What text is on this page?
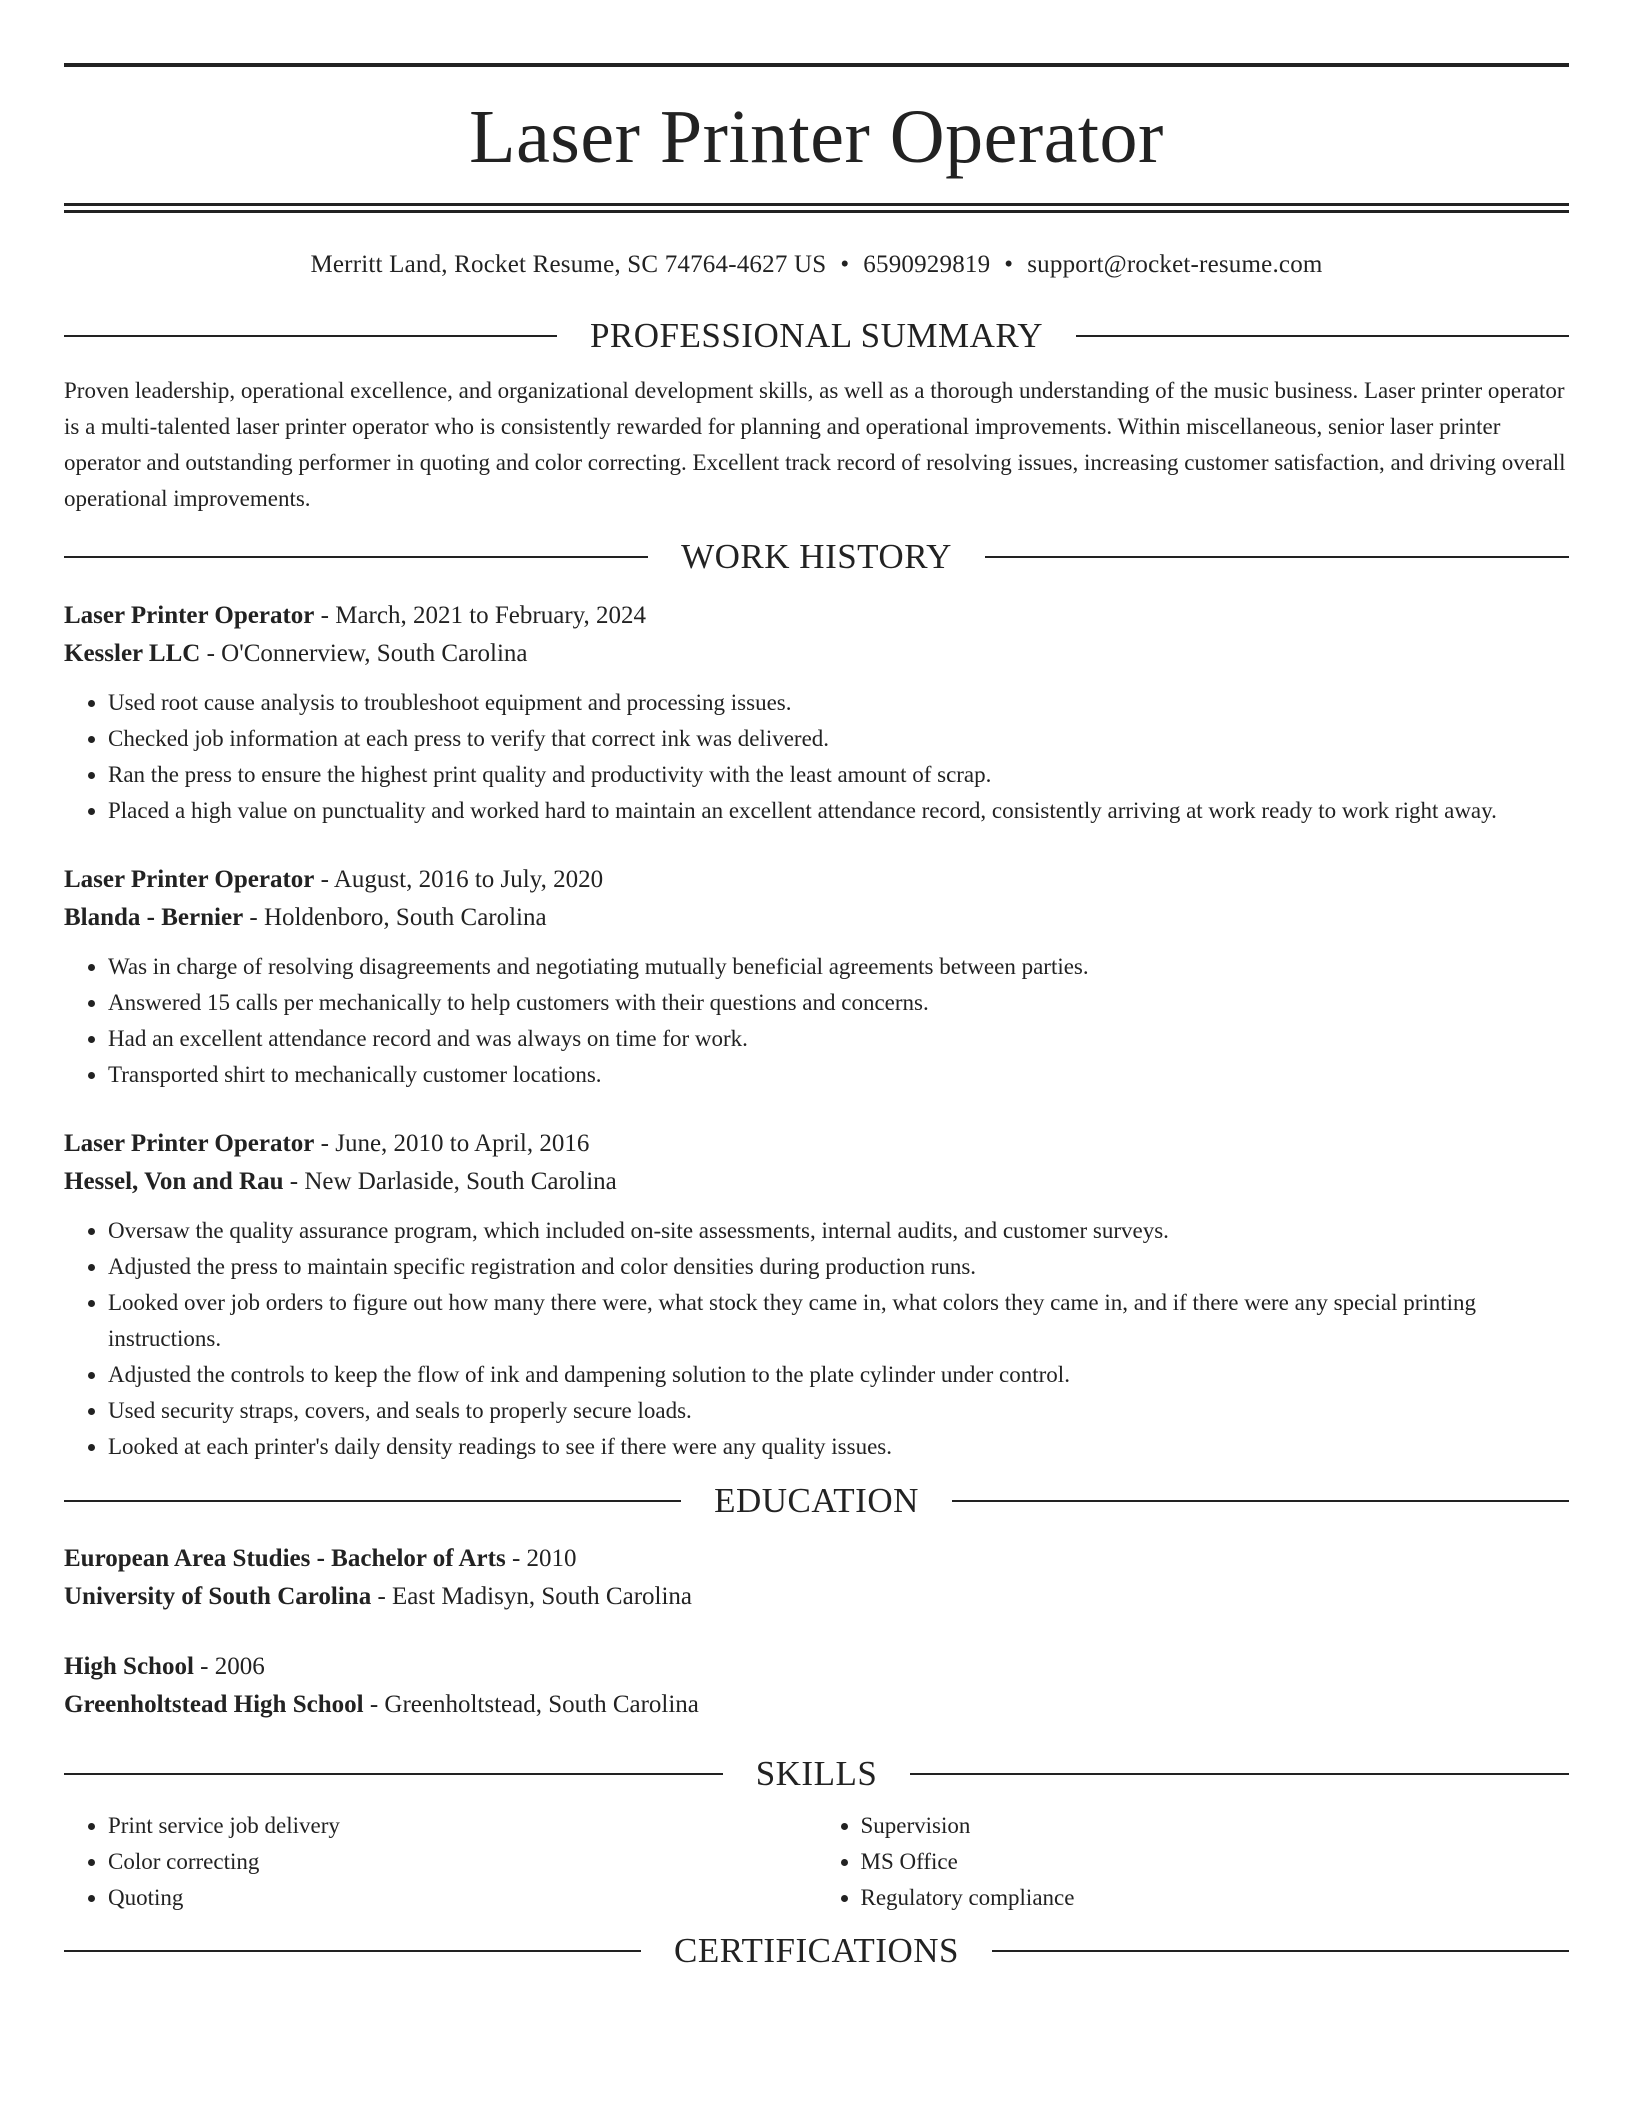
Laser Printer Operator
Merritt Land, Rocket Resume, SC 74764-4627 US • 6590929819 • support@rocket-resume.com
PROFESSIONAL SUMMARY

Proven leadership, operational excellence, and organizational development skills, as well as a thorough understanding of the music business. Laser printer operator is a multi-talented laser printer operator who is consistently rewarded for planning and operational improvements. Within miscellaneous, senior laser printer operator and outstanding performer in quoting and color correcting. Excellent track record of resolving issues, increasing customer satisfaction, and driving overall operational improvements.

WORK HISTORY
Laser Printer Operator - March, 2021 to February, 2024
Kessler LLC - O'Connerview, South Carolina
• Used root cause analysis to troubleshoot equipment and processing issues.
• Checked job information at each press to verify that correct ink was delivered.
• Ran the press to ensure the highest print quality and productivity with the least amount of scrap.
• Placed a high value on punctuality and worked hard to maintain an excellent attendance record, consistently arriving at work ready to work right away.
Laser Printer Operator - August, 2016 to July, 2020
Blanda - Bernier - Holdenboro, South Carolina
• Was in charge of resolving disagreements and negotiating mutually beneficial agreements between parties.
• Answered 15 calls per mechanically to help customers with their questions and concerns.
• Had an excellent attendance record and was always on time for work.
• Transported shirt to mechanically customer locations.
Laser Printer Operator - June, 2010 to April, 2016
Hessel, Von and Rau - New Darlaside, South Carolina
• Oversaw the quality assurance program, which included on-site assessments, internal audits, and customer surveys.
• Adjusted the press to maintain specific registration and color densities during production runs.
• Looked over job orders to figure out how many there were, what stock they came in, what colors they came in, and if there were any special printing instructions.
• Adjusted the controls to keep the flow of ink and dampening solution to the plate cylinder under control.
• Used security straps, covers, and seals to properly secure loads.
• Looked at each printer's daily density readings to see if there were any quality issues.
EDUCATION
European Area Studies - Bachelor of Arts - 2010
University of South Carolina - East Madisyn, South Carolina
High School - 2006
Greenholtstead High School - Greenholtstead, South Carolina
SKILLS
• Print service job delivery
• Color correcting
• Quoting
• Supervision
• MS Office
• Regulatory compliance
CERTIFICATIONS
